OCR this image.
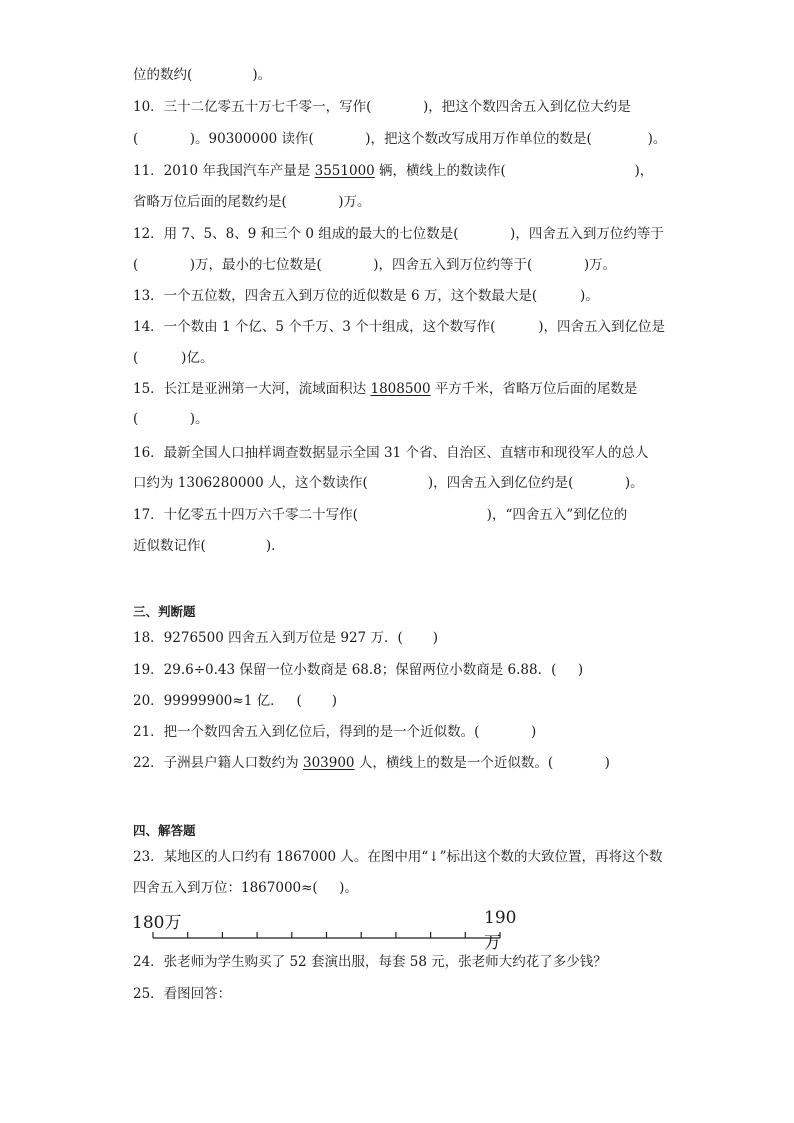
位的数约(              )。
10．三十二亿零五十万七千零一，写作(            )，把这个数四舍五入到亿位大约是
(            )。90300000 读作(            )，把这个数改写成用万作单位的数是(             )。
11．2010 年我国汽车产量是 3551000 辆，横线上的数读作(                              )，
省略万位后面的尾数约是(            )万。
12．用 7、5、8、9 和三个 0 组成的最大的七位数是(            )，四舍五入到万位约等于
(            )万，最小的七位数是(            )，四舍五入到万位约等于(            )万。
13．一个五位数，四舍五入到万位的近似数是 6 万，这个数最大是(          )。
14．一个数由 1 个亿、5 个千万、3 个十组成，这个数写作(          )，四舍五入到亿位是
(          )亿。
15．长江是亚洲第一大河，流域面积达 1808500 平方千米，省略万位后面的尾数是
(            )。
16．最新全国人口抽样调查数据显示全国 31 个省、自治区、直辖市和现役军人的总人
口约为 1306280000 人，这个数读作(              )，四舍五入到亿位约是(            )。
17．十亿零五十四万六千零二十写作(                              )，“四舍五入”到亿位的
近似数记作(              ).
三、判断题
18．9276500 四舍五入到万位是 927 万．(       )
19．29.6÷0.43 保留一位小数商是 68.8；保留两位小数商是 6.88．(     )
20．99999900≈1 亿．   (       )
21．把一个数四舍五入到亿位后，得到的是一个近似数。(            )
22．子洲县户籍人口数约为 303900 人，横线上的数是一个近似数。(            )
四、解答题
23．某地区的人口约有 1867000 人。在图中用“↓”标出这个数的大致位置，再将这个数
四舍五入到万位：1867000≈(     )。
180万	190万
24．张老师为学生购买了 52 套演出服，每套 58 元，张老师大约花了多少钱？
25．看图回答：
